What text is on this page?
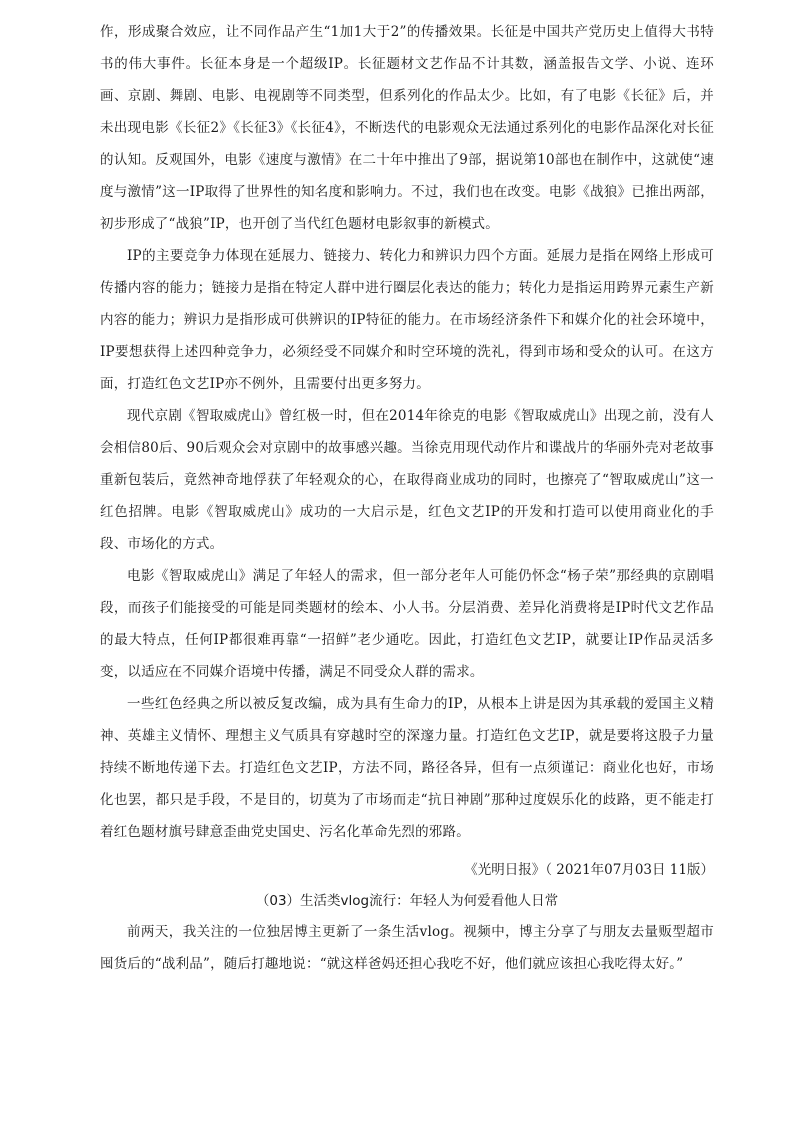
作，形成聚合效应，让不同作品产生“1加1大于2”的传播效果。长征是中国共产党历史上值得大书特书的伟大事件。长征本身是一个超级IP。长征题材文艺作品不计其数，涵盖报告文学、小说、连环画、京剧、舞剧、电影、电视剧等不同类型，但系列化的作品太少。比如，有了电影《长征》后，并未出现电影《长征2》《长征3》《长征4》，不断迭代的电影观众无法通过系列化的电影作品深化对长征的认知。反观国外，电影《速度与激情》在二十年中推出了9部，据说第10部也在制作中，这就使“速度与激情”这一IP取得了世界性的知名度和影响力。不过，我们也在改变。电影《战狼》已推出两部，初步形成了“战狼”IP，也开创了当代红色题材电影叙事的新模式。

IP的主要竞争力体现在延展力、链接力、转化力和辨识力四个方面。延展力是指在网络上形成可传播内容的能力；链接力是指在特定人群中进行圈层化表达的能力；转化力是指运用跨界元素生产新内容的能力；辨识力是指形成可供辨识的IP特征的能力。在市场经济条件下和媒介化的社会环境中，IP要想获得上述四种竞争力，必须经受不同媒介和时空环境的洗礼，得到市场和受众的认可。在这方面，打造红色文艺IP亦不例外，且需要付出更多努力。

现代京剧《智取威虎山》曾红极一时，但在2014年徐克的电影《智取威虎山》出现之前，没有人会相信80后、90后观众会对京剧中的故事感兴趣。当徐克用现代动作片和谍战片的华丽外壳对老故事重新包装后，竟然神奇地俘获了年轻观众的心，在取得商业成功的同时，也擦亮了“智取威虎山”这一红色招牌。电影《智取威虎山》成功的一大启示是，红色文艺IP的开发和打造可以使用商业化的手段、市场化的方式。

电影《智取威虎山》满足了年轻人的需求，但一部分老年人可能仍怀念“杨子荣”那经典的京剧唱段，而孩子们能接受的可能是同类题材的绘本、小人书。分层消费、差异化消费将是IP时代文艺作品的最大特点，任何IP都很难再靠“一招鲜”老少通吃。因此，打造红色文艺IP，就要让IP作品灵活多变，以适应在不同媒介语境中传播，满足不同受众人群的需求。

一些红色经典之所以被反复改编，成为具有生命力的IP，从根本上讲是因为其承载的爱国主义精神、英雄主义情怀、理想主义气质具有穿越时空的深邃力量。打造红色文艺IP，就是要将这股子力量持续不断地传递下去。打造红色文艺IP，方法不同，路径各异，但有一点须谨记：商业化也好，市场化也罢，都只是手段，不是目的，切莫为了市场而走“抗日神剧”那种过度娱乐化的歧路，更不能走打着红色题材旗号肆意歪曲党史国史、污名化革命先烈的邪路。

《光明日报》（ 2021年07月03日 11版）

（03）生活类vlog流行：年轻人为何爱看他人日常

前两天，我关注的一位独居博主更新了一条生活vlog。视频中，博主分享了与朋友去量贩型超市囤货后的“战利品”，随后打趣地说：“就这样爸妈还担心我吃不好，他们就应该担心我吃得太好。”
